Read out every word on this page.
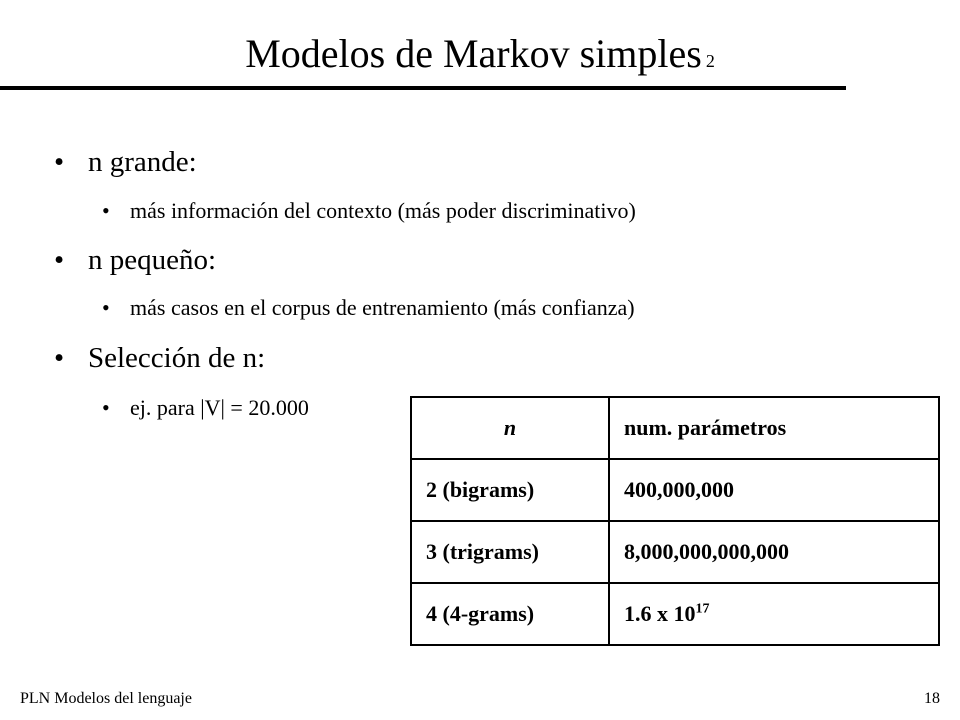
Modelos de Markov simples 2
• n grande:
• más información del contexto (más poder discriminativo)
• n pequeño:
• más casos en el corpus de entrenamiento (más confianza)
• Selección de n:
• ej. para |V| = 20.000
n	num. parámetros
2 (bigrams)	400,000,000
3 (trigrams)	8,000,000,000,000
4 (4-grams)	1.6 x $10^{17}$
PLN Modelos del lenguaje	18
